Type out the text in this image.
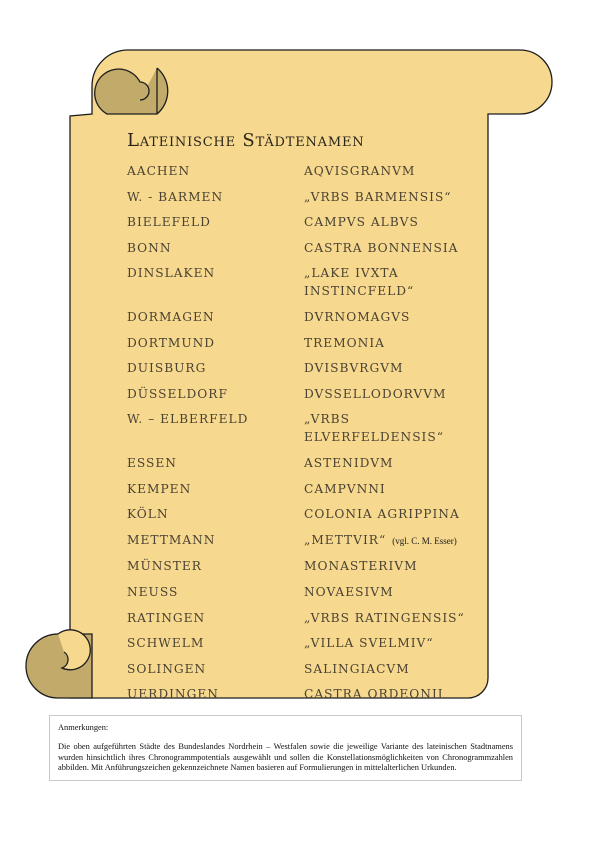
Lateinische Städtenamen
AACHEN	AQVISGRANVM
W. - BARMEN	„VRBS BARMENSIS“
BIELEFELD	CAMPVS ALBVS
BONN	CASTRA BONNENSIA
DINSLAKEN	„LAKE IVXTA INSTINCFELD“
DORMAGEN	DVRNOMAGVS
DORTMUND	TREMONIA
DUISBURG	DVISBVRGVM
DÜSSELDORF	DVSSELLODORVVM
W. – ELBERFELD	„VRBS ELVERFELDENSIS“
ESSEN	ASTENIDVM
KEMPEN	CAMPVNNI
KÖLN	COLONIA AGRIPPINA
METTMANN	„METTVIR“ (vgl. C. M. Esser)
MÜNSTER	MONASTERIVM
NEUSS	NOVAESIVM
RATINGEN	„VRBS RATINGENSIS“
SCHWELM	„VILLA SVELMIV“
SOLINGEN	SALINGIACVM
UERDINGEN	CASTRA ORDEONII

Anmerkungen:

Die oben aufgeführten Städte des Bundeslandes Nordrhein – Westfalen sowie die jeweilige Variante des lateinischen Stadtnamens wurden hinsichtlich ihres Chronogrammpotentials ausgewählt und sollen die Konstellationsmöglichkeiten von Chronogrammzahlen abbilden. Mit Anführungszeichen gekennzeichnete Namen basieren auf Formulierungen in mittelalterlichen Urkunden.
